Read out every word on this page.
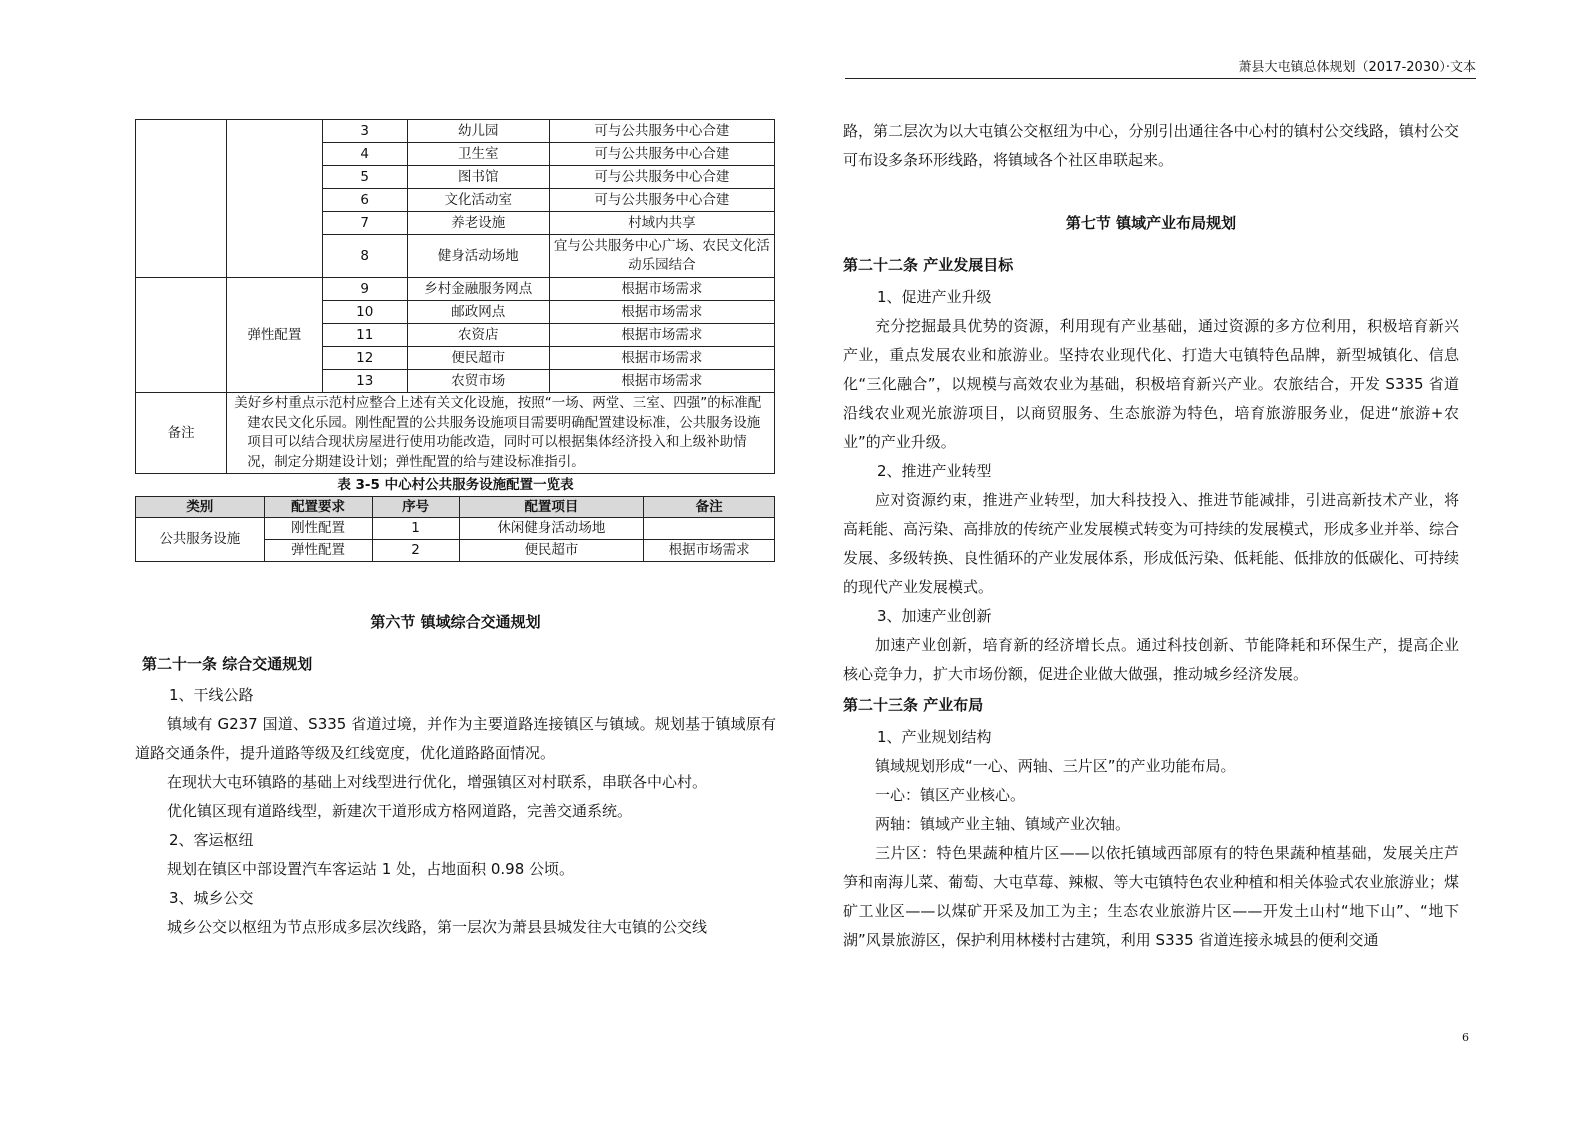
萧县大屯镇总体规划（2017-2030）·文本
		3	幼儿园	可与公共服务中心合建
		4	卫生室	可与公共服务中心合建
		5	图书馆	可与公共服务中心合建
		6	文化活动室	可与公共服务中心合建
		7	养老设施	村域内共享
		8	健身活动场地	宜与公共服务中心广场、农民文化活动乐园结合
	弹性配置	9	乡村金融服务网点	根据市场需求
		10	邮政网点	根据市场需求
		11	农资店	根据市场需求
		12	便民超市	根据市场需求
		13	农贸市场	根据市场需求
备注	美好乡村重点示范村应整合上述有关文化设施，按照“一场、两堂、三室、四强”的标准配建农民文化乐园。刚性配置的公共服务设施项目需要明确配置建设标准，公共服务设施项目可以结合现状房屋进行使用功能改造，同时可以根据集体经济投入和上级补助情况，制定分期建设计划；弹性配置的给与建设标准指引。			
表 3-5 中心村公共服务设施配置一览表
类别	配置要求	序号	配置项目	备注
公共服务设施	刚性配置	1	休闲健身活动场地	
	弹性配置	2	便民超市	根据市场需求
第六节 镇域综合交通规划
第二十一条 综合交通规划

1、干线公路

镇域有 G237 国道、S335 省道过境，并作为主要道路连接镇区与镇域。规划基于镇域原有道路交通条件，提升道路等级及红线宽度，优化道路路面情况。

在现状大屯环镇路的基础上对线型进行优化，增强镇区对村联系，串联各中心村。

优化镇区现有道路线型，新建次干道形成方格网道路，完善交通系统。

2、客运枢纽

规划在镇区中部设置汽车客运站 1 处，占地面积 0.98 公顷。

3、城乡公交

城乡公交以枢纽为节点形成多层次线路，第一层次为萧县县城发往大屯镇的公交线

路，第二层次为以大屯镇公交枢纽为中心，分别引出通往各中心村的镇村公交线路，镇村公交可布设多条环形线路，将镇域各个社区串联起来。

第七节 镇域产业布局规划
第二十二条 产业发展目标

1、促进产业升级

充分挖掘最具优势的资源，利用现有产业基础，通过资源的多方位利用，积极培育新兴产业，重点发展农业和旅游业。坚持农业现代化、打造大屯镇特色品牌，新型城镇化、信息化“三化融合”，以规模与高效农业为基础，积极培育新兴产业。农旅结合，开发 S335 省道沿线农业观光旅游项目，以商贸服务、生态旅游为特色，培育旅游服务业，促进“旅游+农业”的产业升级。

2、推进产业转型

应对资源约束，推进产业转型，加大科技投入、推进节能减排，引进高新技术产业，将高耗能、高污染、高排放的传统产业发展模式转变为可持续的发展模式，形成多业并举、综合发展、多级转换、良性循环的产业发展体系，形成低污染、低耗能、低排放的低碳化、可持续的现代产业发展模式。

3、加速产业创新

加速产业创新，培育新的经济增长点。通过科技创新、节能降耗和环保生产，提高企业核心竞争力，扩大市场份额，促进企业做大做强，推动城乡经济发展。

第二十三条 产业布局

1、产业规划结构

镇域规划形成“一心、两轴、三片区”的产业功能布局。

一心：镇区产业核心。

两轴：镇域产业主轴、镇域产业次轴。

三片区：特色果蔬种植片区——以依托镇域西部原有的特色果蔬种植基础，发展关庄芦笋和南海儿菜、葡萄、大屯草莓、辣椒、等大屯镇特色农业种植和相关体验式农业旅游业；煤矿工业区——以煤矿开采及加工为主；生态农业旅游片区——开发土山村“地下山”、“地下湖”风景旅游区，保护利用林楼村古建筑，利用 S335 省道连接永城县的便利交通

6
